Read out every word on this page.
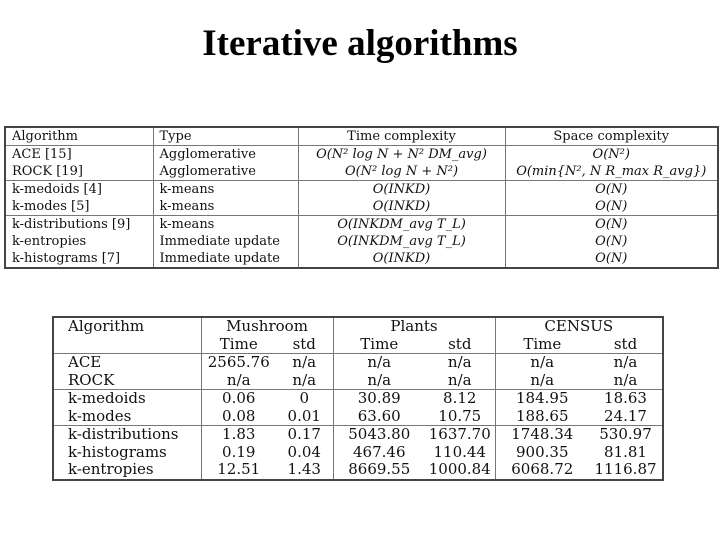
Iterative algorithms
Algorithm	Type	Time complexity	Space complexity
ACE [15]	Agglomerative	O(N² log N + N² DM_avg)	O(N²)
ROCK [19]	Agglomerative	O(N² log N + N²)	O(min{N², N R_max R_avg})
k-medoids [4]	k-means	O(INKD)	O(N)
k-modes [5]	k-means	O(INKD)	O(N)
k-distributions [9]	k-means	O(INKDM_avg T_L)	O(N)
k-entropies	Immediate update	O(INKDM_avg T_L)	O(N)
k-histograms [7]	Immediate update	O(INKD)	O(N)
Algorithm	Mushroom		Plants		CENSUS	
	Time	std	Time	std	Time	std
ACE	2565.76	n/a	n/a	n/a	n/a	n/a
ROCK	n/a	n/a	n/a	n/a	n/a	n/a
k-medoids	0.06	0	30.89	8.12	184.95	18.63
k-modes	0.08	0.01	63.60	10.75	188.65	24.17
k-distributions	1.83	0.17	5043.80	1637.70	1748.34	530.97
k-histograms	0.19	0.04	467.46	110.44	900.35	81.81
k-entropies	12.51	1.43	8669.55	1000.84	6068.72	1116.87
